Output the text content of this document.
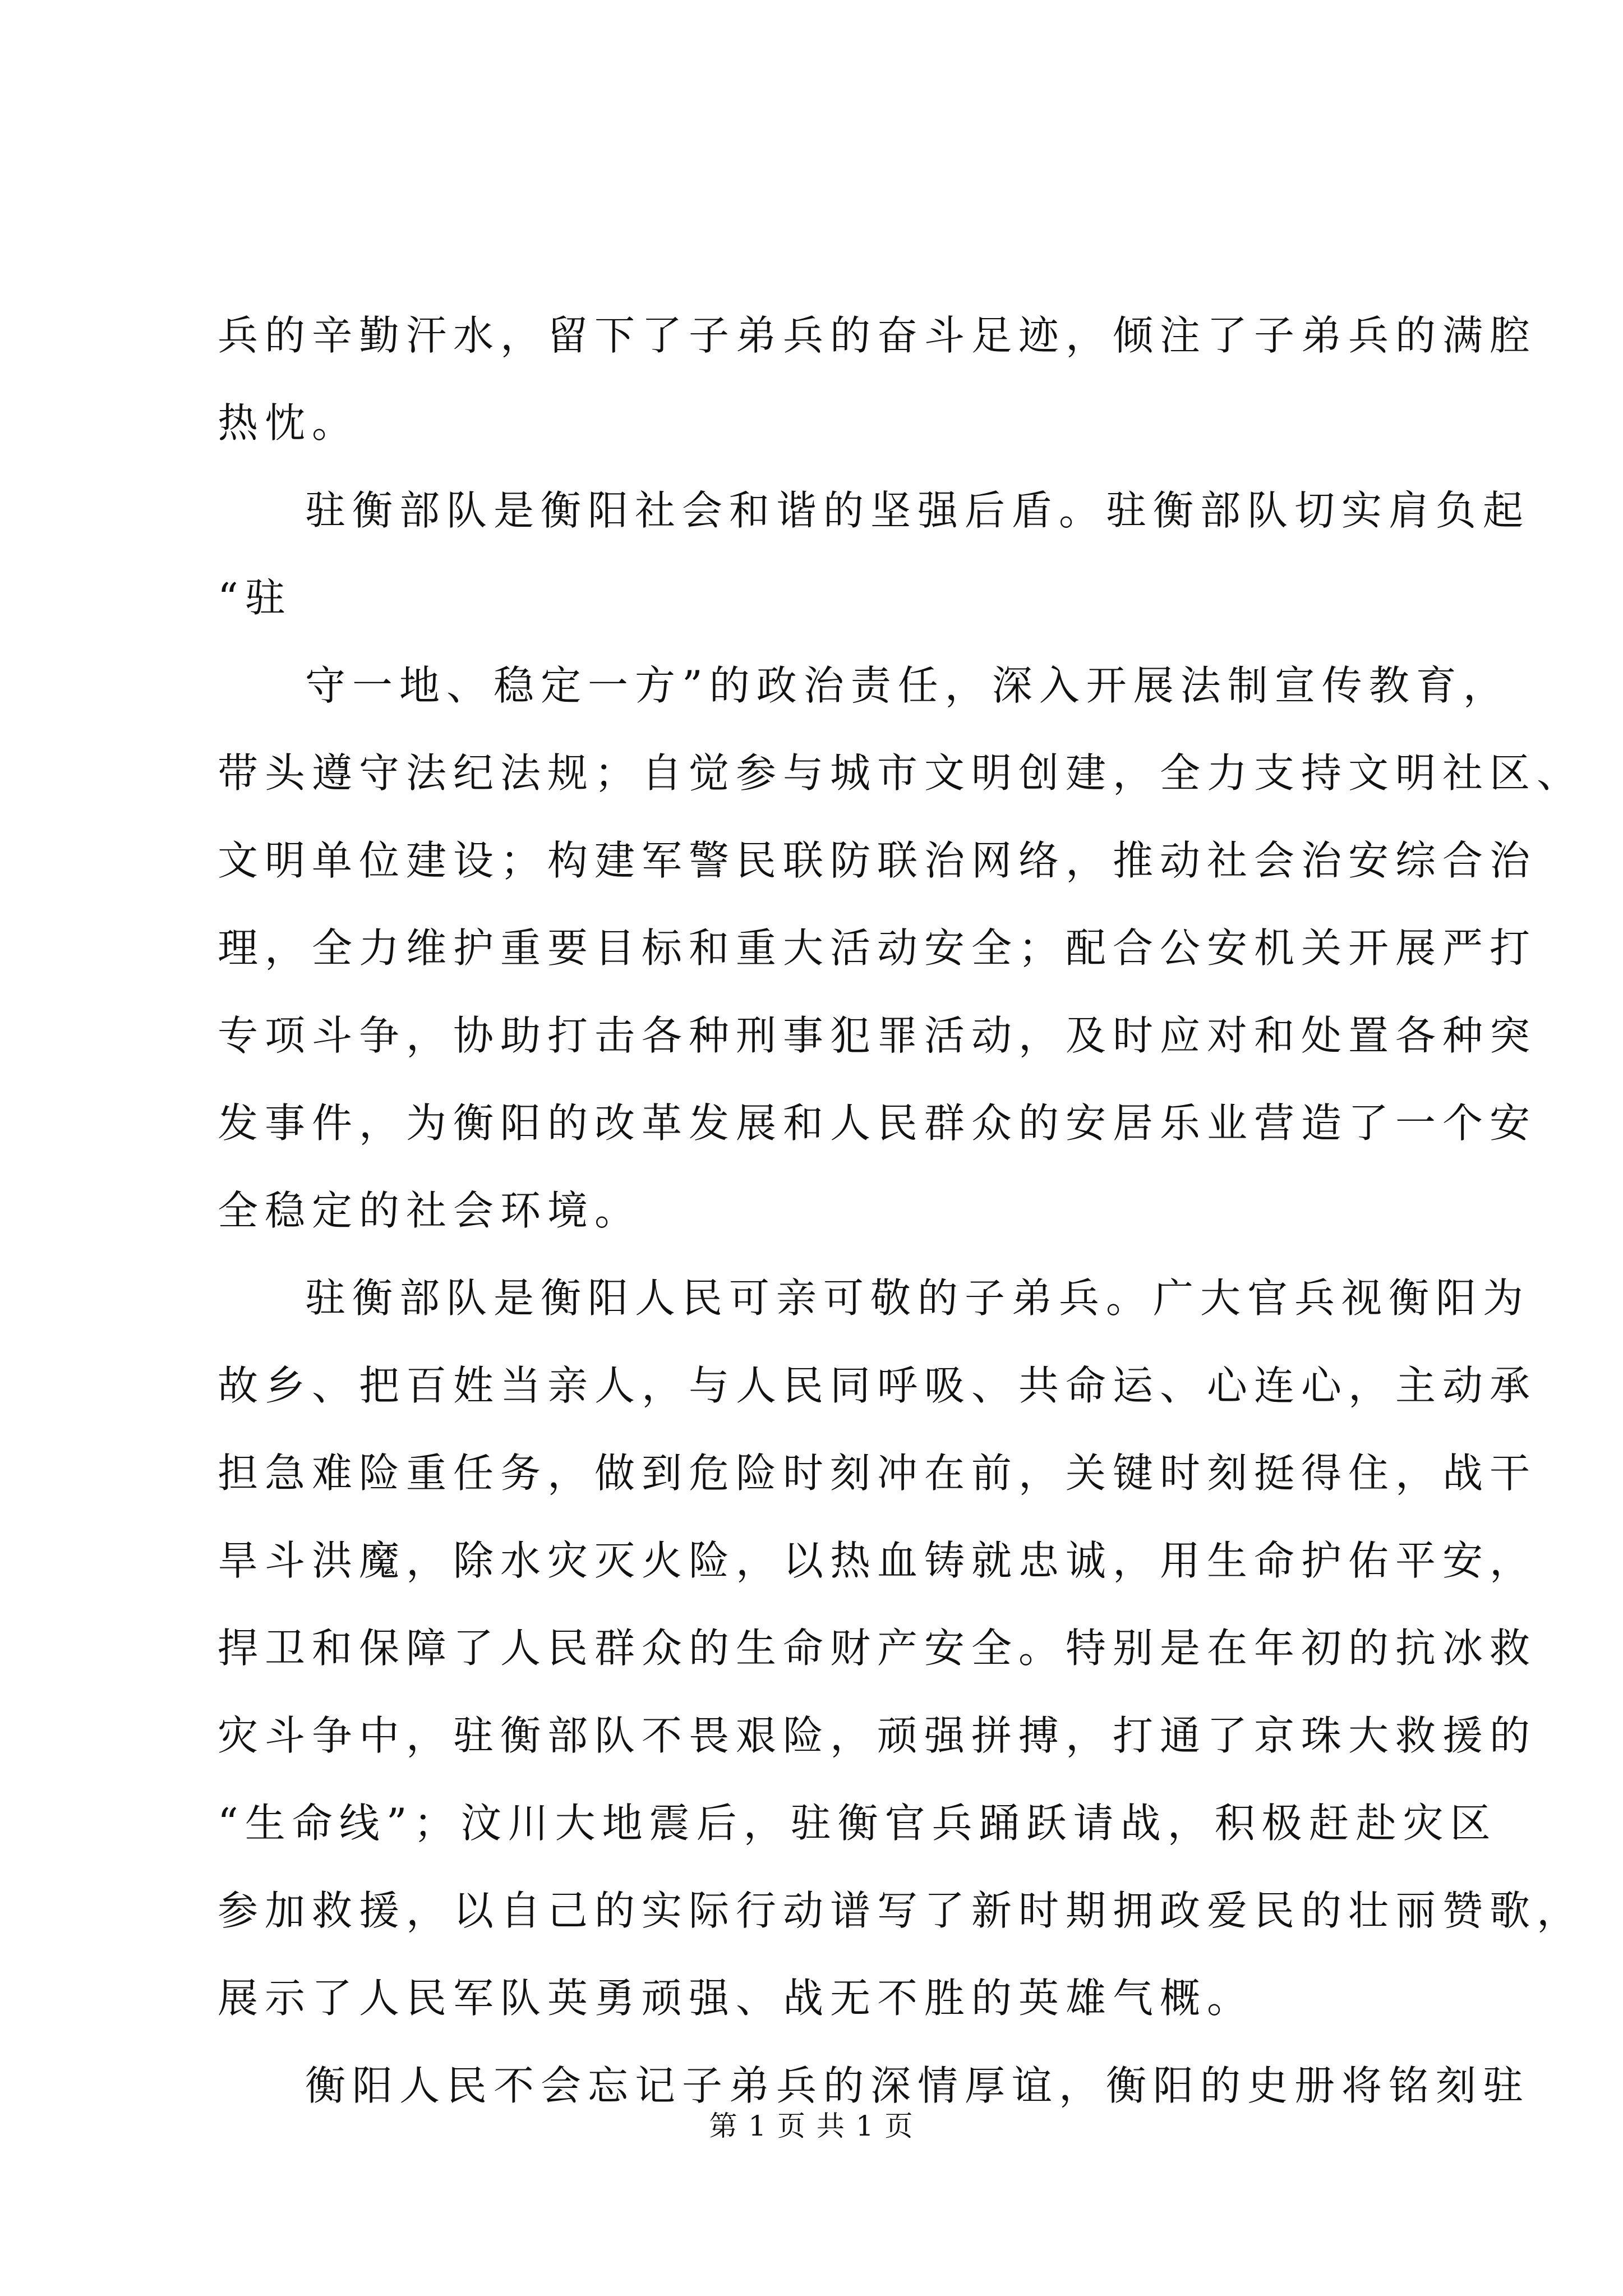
兵的辛勤汗水，留下了子弟兵的奋斗足迹，倾注了子弟兵的满腔
热忱。
驻衡部队是衡阳社会和谐的坚强后盾。驻衡部队切实肩负起
“驻
守一地、稳定一方”的政治责任，深入开展法制宣传教育，
带头遵守法纪法规；自觉参与城市文明创建，全力支持文明社区、
文明单位建设；构建军警民联防联治网络，推动社会治安综合治
理，全力维护重要目标和重大活动安全；配合公安机关开展严打
专项斗争，协助打击各种刑事犯罪活动，及时应对和处置各种突
发事件，为衡阳的改革发展和人民群众的安居乐业营造了一个安
全稳定的社会环境。
驻衡部队是衡阳人民可亲可敬的子弟兵。广大官兵视衡阳为
故乡、把百姓当亲人，与人民同呼吸、共命运、心连心，主动承
担急难险重任务，做到危险时刻冲在前，关键时刻挺得住，战干
旱斗洪魔，除水灾灭火险，以热血铸就忠诚，用生命护佑平安，
捍卫和保障了人民群众的生命财产安全。特别是在年初的抗冰救
灾斗争中，驻衡部队不畏艰险，顽强拼搏，打通了京珠大救援的
“生命线”；汶川大地震后，驻衡官兵踊跃请战，积极赶赴灾区
参加救援，以自己的实际行动谱写了新时期拥政爱民的壮丽赞歌，
展示了人民军队英勇顽强、战无不胜的英雄气概。
衡阳人民不会忘记子弟兵的深情厚谊，衡阳的史册将铭刻驻
第 1 页 共 1 页
